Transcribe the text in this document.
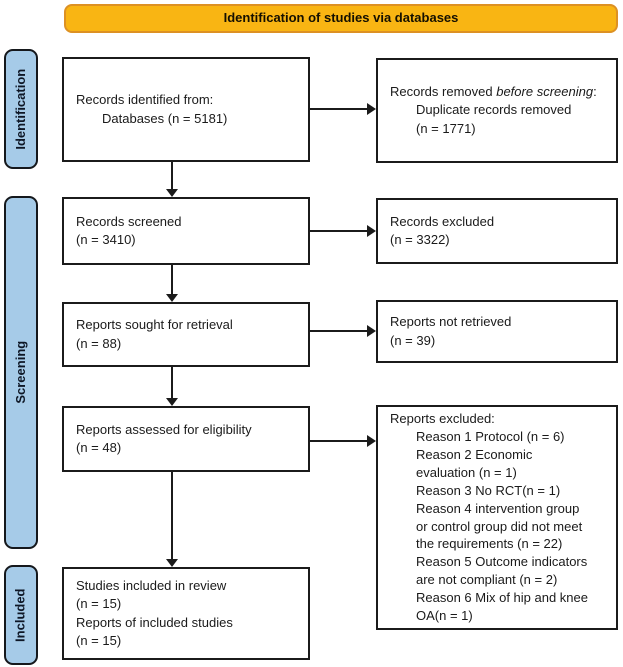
Identification of studies via databases
Identification
Screening
Included
Records identified from:
Databases (n = 5181)
Records screened
(n = 3410)
Reports sought for retrieval
(n = 88)
Reports assessed for eligibility
(n = 48)
Studies included in review
(n = 15)
Reports of included studies
(n = 15)
Records removed before screening:
Duplicate records removed
(n = 1771)
Records excluded
(n = 3322)
Reports not retrieved
(n = 39)
Reports excluded:
Reason 1 Protocol (n = 6)
Reason 2 Economic evaluation (n = 1)
Reason 3 No RCT(n = 1)
Reason 4 intervention group or control group did not meet the requirements (n = 22)
Reason 5 Outcome indicators are not compliant (n = 2)
Reason 6 Mix of hip and knee OA(n = 1)
